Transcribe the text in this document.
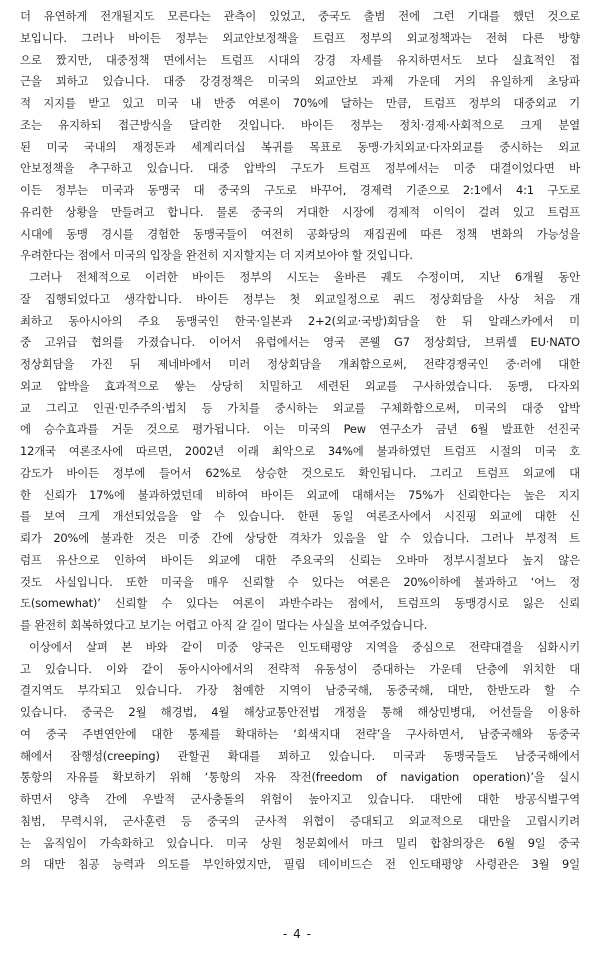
더 유연하게 전개될지도 모른다는 관측이 있었고, 중국도 출범 전에 그런 기대를 했던 것으로
보입니다. 그러나 바이든 정부는 외교안보정책을 트럼프 정부의 외교정책과는 전혀 다른 방향
으로 짰지만, 대중정책 면에서는 트럼프 시대의 강경 자세를 유지하면서도 보다 실효적인 접
근을 꾀하고 있습니다. 대중 강경정책은 미국의 외교안보 과제 가운데 거의 유일하게 초당파
적 지지를 받고 있고 미국 내 반중 여론이 70%에 달하는 만큼, 트럼프 정부의 대중외교 기
조는 유지하되 접근방식을 달리한 것입니다. 바이든 정부는 정치·경제·사회적으로 크게 분열
된 미국 국내의 재정돈과 세계리더십 복귀를 목표로 동맹·가치외교·다자외교를 중시하는 외교
안보정책을 추구하고 있습니다. 대중 압박의 구도가 트럼프 정부에서는 미중 대결이었다면 바
이든 정부는 미국과 동맹국 대 중국의 구도로 바꾸어, 경제력 기준으로 2:1에서 4:1 구도로
유리한 상황을 만들려고 합니다. 물론 중국의 거대한 시장에 경제적 이익이 걸려 있고 트럼프
시대에 동맹 경시를 경험한 동맹국들이 여전히 공화당의 재집권에 따른 정책 변화의 가능성을
우려한다는 점에서 미국의 입장을 완전히 지지할지는 더 지켜보아야 할 것입니다.
그러나 전체적으로 이러한 바이든 정부의 시도는 올바른 궤도 수정이며, 지난 6개월 동안
잘 집행되었다고 생각합니다. 바이든 정부는 첫 외교일정으로 쿼드 정상회담을 사상 처음 개
최하고 동아시아의 주요 동맹국인 한국·일본과 2+2(외교·국방)회담을 한 뒤 알래스카에서 미
중 고위급 협의를 가졌습니다. 이어서 유럽에서는 영국 콘웰 G7 정상회담, 브뤼셀 EU·NATO
정상회담을 가진 뒤 제네바에서 미러 정상회담을 개최함으로써, 전략경쟁국인 중·러에 대한
외교 압박을 효과적으로 쌓는 상당히 치밀하고 세련된 외교를 구사하였습니다. 동맹, 다자외
교 그리고 인권·민주주의·법치 등 가치를 중시하는 외교를 구체화함으로써, 미국의 대중 압박
에 승수효과를 거둔 것으로 평가됩니다. 이는 미국의 Pew 연구소가 금년 6월 발표한 선진국
12개국 여론조사에 따르면, 2002년 이래 최악으로 34%에 불과하였던 트럼프 시절의 미국 호
감도가 바이든 정부에 들어서 62%로 상승한 것으로도 확인됩니다. 그리고 트럼프 외교에 대
한 신뢰가 17%에 불과하였던데 비하여 바이든 외교에 대해서는 75%가 신뢰한다는 높은 지지
를 보여 크게 개선되었음을 알 수 있습니다. 한편 동일 여론조사에서 시진핑 외교에 대한 신
뢰가 20%에 불과한 것은 미중 간에 상당한 격차가 있음을 알 수 있습니다. 그러나 부정적 트
럼프 유산으로 인하여 바이든 외교에 대한 주요국의 신뢰는 오바마 정부시절보다 높지 않은
것도 사실입니다. 또한 미국을 매우 신뢰할 수 있다는 여론은 20%이하에 불과하고 ‘어느 정
도(somewhat)’ 신뢰할 수 있다는 여론이 과반수라는 점에서, 트럼프의 동맹경시로 잃은 신뢰
를 완전히 회복하였다고 보기는 어렵고 아직 갈 길이 멀다는 사실을 보여주었습니다.
이상에서 살펴 본 바와 같이 미중 양국은 인도태평양 지역을 중심으로 전략대결을 심화시키
고 있습니다. 이와 같이 동아시아에서의 전략적 유동성이 증대하는 가운데 단층에 위치한 대
결지역도 부각되고 있습니다. 가장 첨예한 지역이 남중국해, 동중국해, 대만, 한반도라 할 수
있습니다. 중국은 2월 해경법, 4월 해상교통안전법 개정을 통해 해상민병대, 어선들을 이용하
여 중국 주변연안에 대한 통제를 확대하는 ‘회색지대 전략’을 구사하면서, 남중국해와 동중국
해에서 잠행성(creeping) 관할권 확대를 꾀하고 있습니다. 미국과 동맹국들도 남중국해에서
통항의 자유를 확보하기 위해 ‘통항의 자유 작전(freedom of navigation operation)’을 실시
하면서 양측 간에 우발적 군사충돌의 위험이 높아지고 있습니다. 대만에 대한 방공식별구역
침범, 무력시위, 군사훈련 등 중국의 군사적 위협이 증대되고 외교적으로 대만을 고립시키려
는 움직임이 가속화하고 있습니다. 미국 상원 청문회에서 마크 밀리 합참의장은 6월 9일 중국
의 대만 침공 능력과 의도를 부인하였지만, 필립 데이비드슨 전 인도태평양 사령관은 3월 9일
- 4 -
